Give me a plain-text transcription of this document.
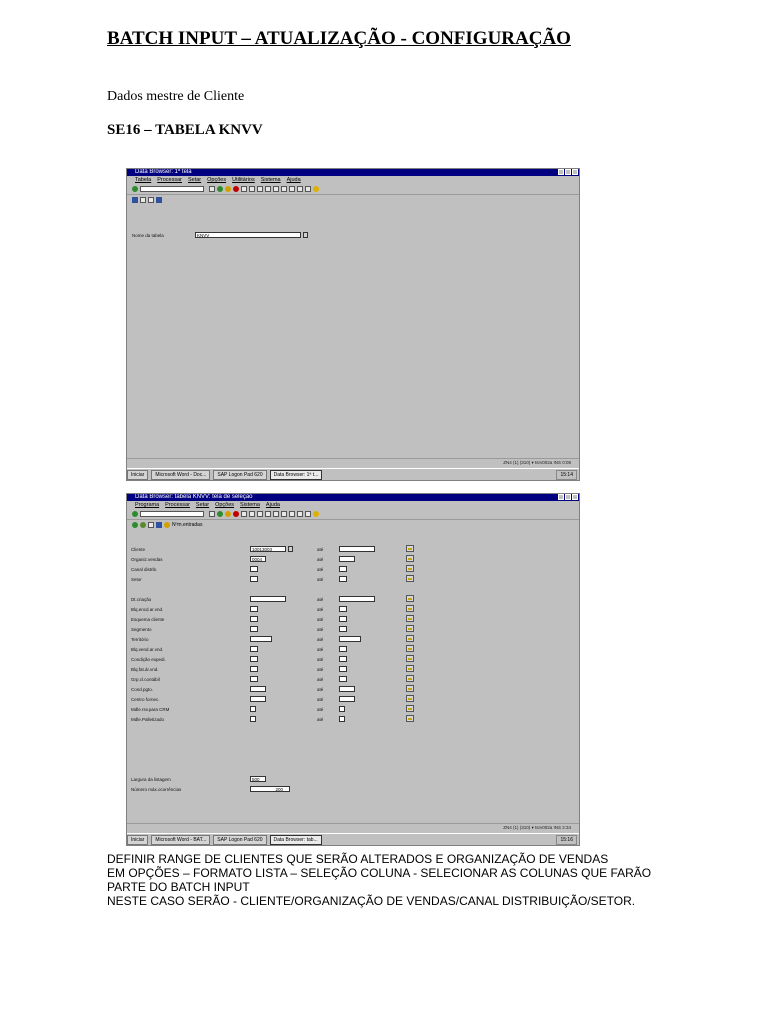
BATCH INPUT – ATUALIZAÇÃO - CONFIGURAÇÃO
Dados mestre de Cliente
SE16 – TABELA KNVV
Data Browser: 1ª tela
Tabela Processar Setar Opções Utilitários Sistema Ajuda
Nome da tabela	KNVV
ZN4 (1) (310) ▾ tsrv002a INS 0:08
Iniciar	Microsoft Word - Doc...	SAP Logon Pad 620	Data Browser: 1ª t...	15:14
Data Browser: tabela KNVV: tela de seleção
Programa Processar Setar Opções Sistema Ajuda
Nºm.entradas
Cliente	10013003	até
Organiz.vendas	0004	até
Canal distrib.	até
Setor	até
Dt.criação	até
Blq.encd.ar.vnd.	até
Esquema cliente	até
Segmento	até
Território	até
Blq.vend.ar.vnd.	até
Condição expedi.	até
Blq.fat.ár.vnd.	até
Grp.cl.contábil	até
Cond.pgto.	até
Centro fornec.	até
Mdle.rsv.para CRM	até
Mdle.Palletizado	até
Largura da listagem	500
Número máx.ocorrências	200
ZN4 (1) (310) ▾ tsrv002a INS 2:34
Iniciar	Microsoft Word - BAT...	SAP Logon Pad 620	Data Browser: tab...	15:16
DEFINIR RANGE DE CLIENTES QUE SERÃO ALTERADOS E ORGANIZAÇÃO DE VENDAS
EM OPÇÕES – FORMATO LISTA – SELEÇÃO COLUNA - SELECIONAR AS COLUNAS QUE FARÃO
PARTE DO BATCH INPUT
NESTE CASO SERÃO - CLIENTE/ORGANIZAÇÃO DE VENDAS/CANAL DISTRIBUIÇÃO/SETOR.
